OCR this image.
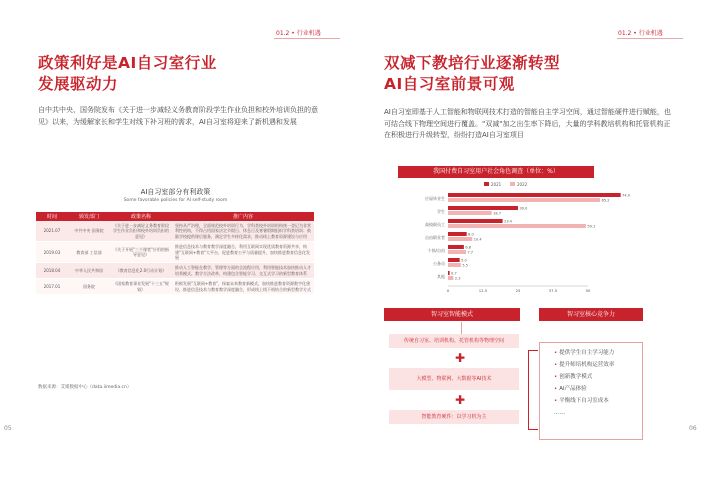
01.2 • 行业机遇
政策利好是AI自习室行业
发展驱动力
自中共中央、国务院发布《关于进一步减轻义务教育阶段学生作业负担和校外培训负担的意见》以来，为缓解家长和学生对线下补习班的需求，AI自习室将迎来了新机遇和发展
AI自习室部分有利政策
Some favorable policies for AI self-study room
时间	颁发部门	政策名称	推广内容
2021.07	中共中央 国务院	《关于进一步减轻义务教育阶段学生作业负担和校外培训负担的意见》	坚持从严治理，全面规范校外培训行为，学科类校外培训机构统一登记为非营利性机构，不得占用国家法定节假日、休息日及寒暑假期组织学科类培训；鼓励学校提供课后服务，满足学生多样化需求，推动线上教育资源建设与应用
2019.03	教育部 工信部	《关于开展"三个课堂"应用的指导意见》	推进信息技术与教育教学深度融合，利用互联网实现优质教育资源共享，构建"互联网+教育"大平台，促进教育公平与质量提升，加快推进教育信息化发展
2018.04	中华人民共和国	《教育信息化2.0行动计划》	推动人工智能在教学、管理等方面的全流程应用，利用智能技术加快推动人才培养模式、教学方法改革，构建包含智能学习、交互式学习的新型教育体系
2017.01	国务院	《国家教育事业发展"十三五"规划》	积极发展"互联网+教育"，探索未来教育新模式，加快推进教育资源数字化建设，推进信息技术与教育教学深度融合，形成线上线下相结合的新型教学方式
数据来源：艾媒数据中心（data.iimedia.cn）
05
01.2 • 行业机遇
双减下教培行业逐渐转型
AI自习室前景可观
AI自习室即基于人工智能和物联网技术打造的智能自主学习空间，通过智能硬件进行赋能，也可结合线下物理空间进行覆盖。"双减"加之出生率下降后，大量的学科教培机构和托管机构正在积极进行升级转型，纷纷打造AI自习室项目
我国付费自习室用户社会角色调查（单位：%）
2021	2022
应届毕业生
74.0
65.2
学生
30.0
18.7
高校职员工
23.4
59.1
自由职业者
8.0
10.4
个体/自由
6.8
7.7
公务员
5.0
5.5
其他
0.7
2.3
0	12.5	25	37.5	50
智习室智能模式	智习室核心竞争力
传统自习室、培训机构、托管机构等物理空间
✚
大模型、物联网、大数据等AI技术
✚
智能教育硬件：以学习机为主
• 提供学生自主学习能力
• 提升师培机构运营效率
• 创新教学模式
• AI产品体验
• 平衡线下自习室成本
……
06
